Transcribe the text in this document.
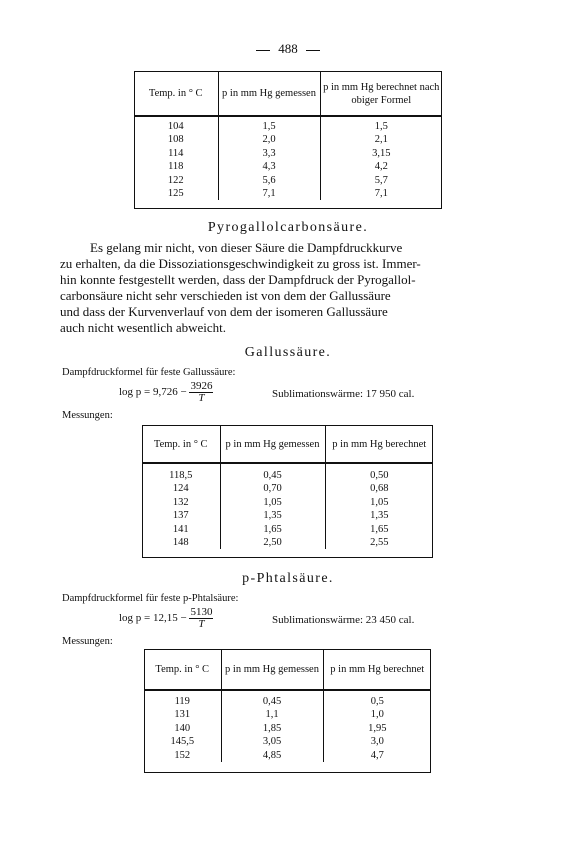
488
Temp. in ° C	p in mm Hg gemessen	p in mm Hg berechnet nach obiger Formel

104	1,5	1,5
108	2,0	2,1
114	3,3	3,15
118	4,3	4,2
122	5,6	5,7
125	7,1	7,1
Pyrogallolcarbonsäure.
Es gelang mir nicht, von dieser Säure die Dampfdruckkurve
zu erhalten, da die Dissoziationsgeschwindigkeit zu gross ist. Immer-
hin konnte festgestellt werden, dass der Dampfdruck der Pyrogallol-
carbonsäure nicht sehr verschieden ist von dem der Gallussäure
und dass der Kurvenverlauf von dem der isomeren Gallussäure
auch nicht wesentlich abweicht.
Gallussäure.
Dampfdruckformel für feste Gallussäure:
$\log p = 9,726 - \frac{3926}{T}$	Sublimationswärme: 17 950 cal.
Messungen:
Temp. in ° C	p in mm Hg gemessen	p in mm Hg berechnet

118,5	0,45	0,50
124	0,70	0,68
132	1,05	1,05
137	1,35	1,35
141	1,65	1,65
148	2,50	2,55
p-Phtalsäure.
Dampfdruckformel für feste p-Phtalsäure:
$\log p = 12,15 - \frac{5130}{T}$	Sublimationswärme: 23 450 cal.
Messungen:
Temp. in ° C	p in mm Hg gemessen	p in mm Hg berechnet

119	0,45	0,5
131	1,1	1,0
140	1,85	1,95
145,5	3,05	3,0
152	4,85	4,7
